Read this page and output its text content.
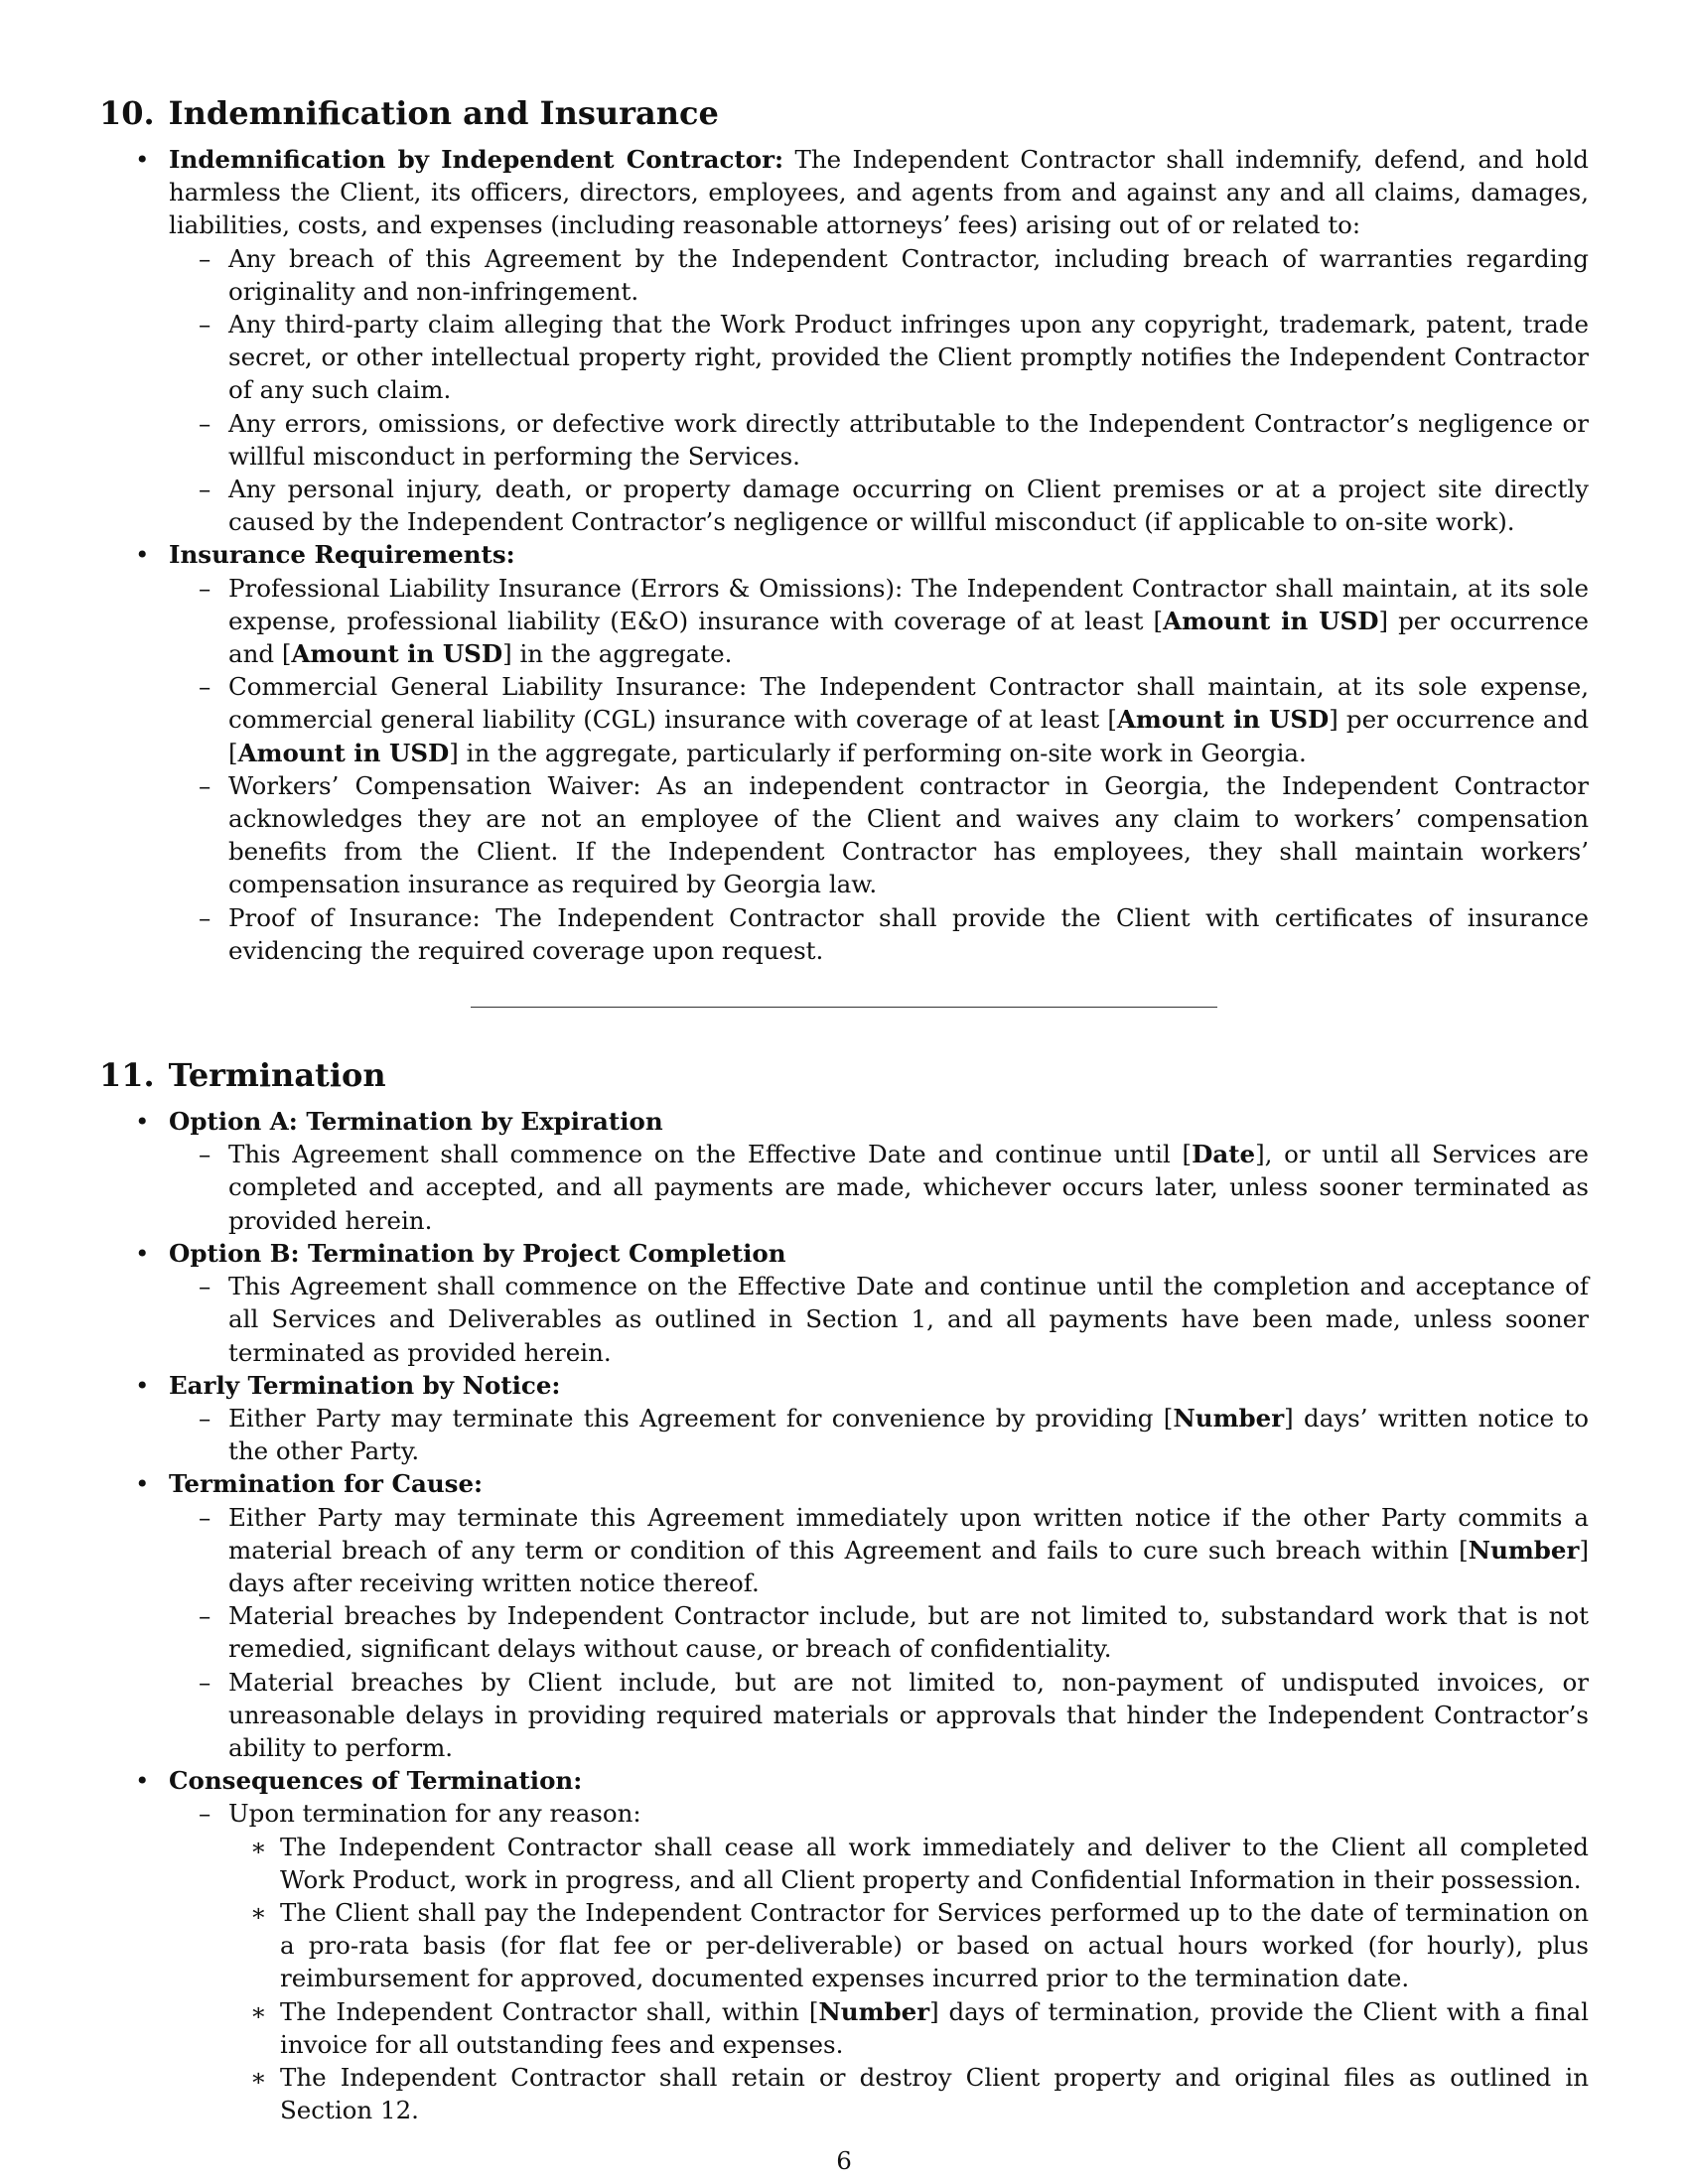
10. Indemnification and Insurance
• Indemnification by Independent Contractor: The Independent Contractor shall indemnify, defend, and hold harmless the Client, its officers, directors, employees, and agents from and against any and all claims, damages, liabilities, costs, and expenses (including reasonable attorneys’ fees) arising out of or related to:
– Any breach of this Agreement by the Independent Contractor, including breach of warranties regarding originality and non-infringement.
– Any third-party claim alleging that the Work Product infringes upon any copyright, trademark, patent, trade secret, or other intellectual property right, provided the Client promptly notifies the Independent Contractor of any such claim.
– Any errors, omissions, or defective work directly attributable to the Independent Contractor’s negligence or willful misconduct in performing the Services.
– Any personal injury, death, or property damage occurring on Client premises or at a project site directly caused by the Independent Contractor’s negligence or willful misconduct (if applicable to on-site work).
• Insurance Requirements:
– Professional Liability Insurance (Errors & Omissions): The Independent Contractor shall maintain, at its sole expense, professional liability (E&O) insurance with coverage of at least [Amount in USD] per occurrence and [Amount in USD] in the aggregate.
– Commercial General Liability Insurance: The Independent Contractor shall maintain, at its sole expense, commercial general liability (CGL) insurance with coverage of at least [Amount in USD] per occurrence and [Amount in USD] in the aggregate, particularly if performing on-site work in Georgia.
– Workers’ Compensation Waiver: As an independent contractor in Georgia, the Independent Contractor acknowledges they are not an employee of the Client and waives any claim to workers’ compensation benefits from the Client. If the Independent Contractor has employees, they shall maintain workers’ compensation insurance as required by Georgia law.
– Proof of Insurance: The Independent Contractor shall provide the Client with certificates of insurance evidencing the required coverage upon request.
11. Termination
• Option A: Termination by Expiration
– This Agreement shall commence on the Effective Date and continue until [Date], or until all Services are completed and accepted, and all payments are made, whichever occurs later, unless sooner terminated as provided herein.
• Option B: Termination by Project Completion
– This Agreement shall commence on the Effective Date and continue until the completion and acceptance of all Services and Deliverables as outlined in Section 1, and all payments have been made, unless sooner terminated as provided herein.
• Early Termination by Notice:
– Either Party may terminate this Agreement for convenience by providing [Number] days’ written notice to the other Party.
• Termination for Cause:
– Either Party may terminate this Agreement immediately upon written notice if the other Party commits a material breach of any term or condition of this Agreement and fails to cure such breach within [Number] days after receiving written notice thereof.
– Material breaches by Independent Contractor include, but are not limited to, substandard work that is not remedied, significant delays without cause, or breach of confidentiality.
– Material breaches by Client include, but are not limited to, non-payment of undisputed invoices, or unreasonable delays in providing required materials or approvals that hinder the Independent Contractor’s ability to perform.
• Consequences of Termination:
– Upon termination for any reason:
∗ The Independent Contractor shall cease all work immediately and deliver to the Client all completed Work Product, work in progress, and all Client property and Confidential Information in their possession.
∗ The Client shall pay the Independent Contractor for Services performed up to the date of termination on a pro-rata basis (for flat fee or per-deliverable) or based on actual hours worked (for hourly), plus reimbursement for approved, documented expenses incurred prior to the termination date.
∗ The Independent Contractor shall, within [Number] days of termination, provide the Client with a final invoice for all outstanding fees and expenses.
∗ The Independent Contractor shall retain or destroy Client property and original files as outlined in Section 12.
6
